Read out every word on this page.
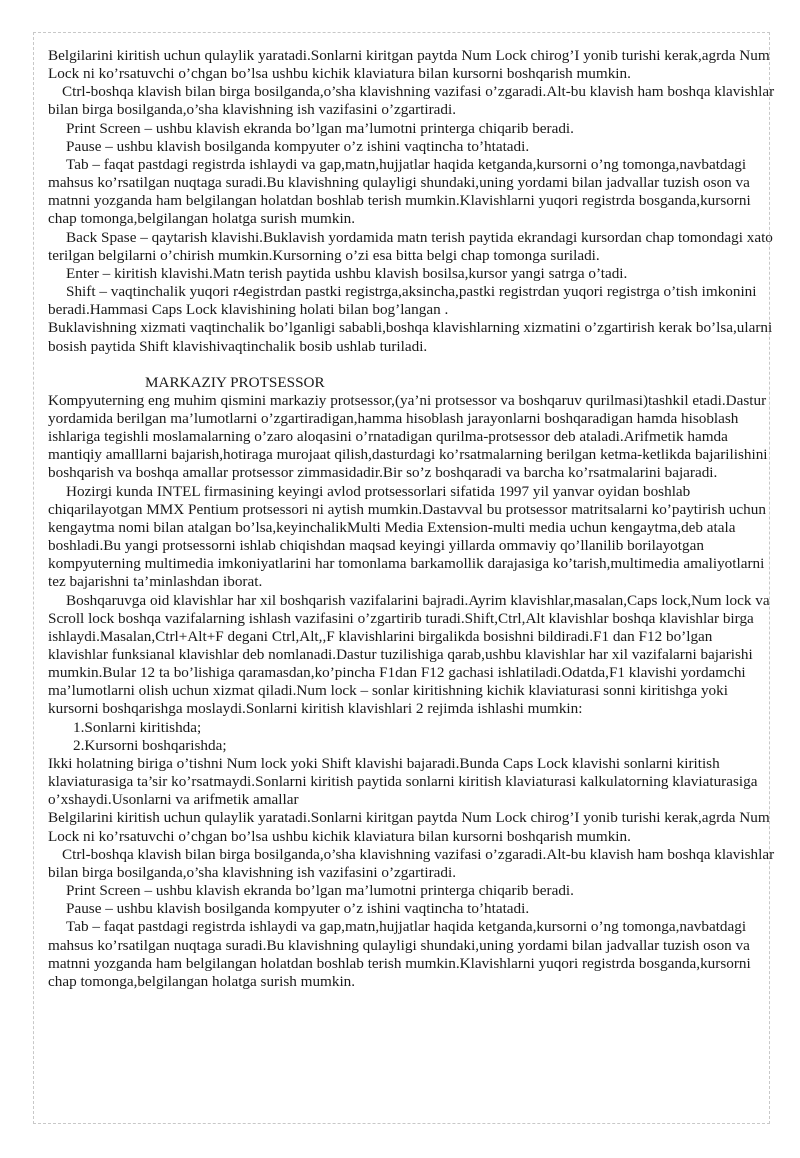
Belgilarini kiritish uchun qulaylik yaratadi.Sonlarni kiritgan paytda Num Lock chirog’I yonib turishi kerak,agrda Num Lock ni ko’rsatuvchi o’chgan bo’lsa ushbu kichik klaviatura bilan kursorni boshqarish mumkin.

Ctrl-boshqa klavish bilan birga bosilganda,o’sha klavishning vazifasi o’zgaradi.Alt-bu klavish ham boshqa klavishlar bilan birga bosilganda,o’sha klavishning ish vazifasini o’zgartiradi.

Print Screen – ushbu klavish ekranda bo’lgan ma’lumotni printerga chiqarib beradi.

Pause – ushbu klavish bosilganda kompyuter o’z ishini vaqtincha to’htatadi.

Tab – faqat pastdagi registrda ishlaydi va gap,matn,hujjatlar haqida ketganda,kursorni o’ng tomonga,navbatdagi mahsus ko’rsatilgan nuqtaga suradi.Bu klavishning qulayligi shundaki,uning yordami bilan jadvallar tuzish oson va matnni yozganda ham belgilangan holatdan boshlab terish mumkin.Klavishlarni yuqori registrda bosganda,kursorni chap tomonga,belgilangan holatga surish mumkin.

Back Spase – qaytarish klavishi.Buklavish yordamida matn terish paytida ekrandagi kursordan chap tomondagi xato terilgan belgilarni o’chirish mumkin.Kursorning o’zi esa bitta belgi chap tomonga suriladi.

Enter – kiritish klavishi.Matn terish paytida ushbu klavish bosilsa,kursor yangi satrga o’tadi.

Shift – vaqtinchalik yuqori r4egistrdan pastki registrga,aksincha,pastki registrdan yuqori registrga o’tish imkonini beradi.Hammasi Caps Lock klavishining holati bilan bog’langan .

Buklavishning xizmati vaqtinchalik bo’lganligi sababli,boshqa klavishlarning xizmatini o’zgartirish kerak bo’lsa,ularni bosish paytida Shift klavishivaqtinchalik bosib ushlab turiladi.

MARKAZIY PROTSESSOR

Kompyuterning eng muhim qismini markaziy protsessor,(ya’ni protsessor va boshqaruv qurilmasi)tashkil etadi.Dastur yordamida berilgan ma’lumotlarni o’zgartiradigan,hamma hisoblash jarayonlarni boshqaradigan hamda hisoblash ishlariga tegishli moslamalarning o’zaro aloqasini o’rnatadigan qurilma-protsessor deb ataladi.Arifmetik hamda mantiqiy amalllarni bajarish,hotiraga murojaat qilish,dasturdagi ko’rsatmalarning berilgan ketma-ketlikda bajarilishini boshqarish va boshqa amallar protsessor zimmasidadir.Bir so’z boshqaradi va barcha ko’rsatmalarini bajaradi.

Hozirgi kunda INTEL firmasining keyingi avlod protsessorlari sifatida 1997 yil yanvar oyidan boshlab chiqarilayotgan MMX Pentium protsessori ni aytish mumkin.Dastavval bu protsessor matritsalarni ko’paytirish uchun kengaytma nomi bilan atalgan bo’lsa,keyinchalikMulti Media Extension-multi media uchun kengaytma,deb atala boshladi.Bu yangi protsessorni ishlab chiqishdan maqsad keyingi yillarda ommaviy qo’llanilib borilayotgan kompyuterning multimedia imkoniyatlarini har tomonlama barkamollik darajasiga ko’tarish,multimedia amaliyotlarni tez bajarishni ta’minlashdan iborat.

Boshqaruvga oid klavishlar har xil boshqarish vazifalarini bajradi.Ayrim klavishlar,masalan,Caps lock,Num lock va Scroll lock boshqa vazifalarning ishlash vazifasini o’zgartirib turadi.Shift,Ctrl,Alt klavishlar boshqa klavishlar birga ishlaydi.Masalan,Ctrl+Alt+F degani Ctrl,Alt,,F klavishlarini birgalikda bosishni bildiradi.F1 dan F12 bo’lgan klavishlar funksianal klavishlar deb nomlanadi.Dastur tuzilishiga qarab,ushbu klavishlar har xil vazifalarni bajarishi mumkin.Bular 12 ta bo’lishiga qaramasdan,ko’pincha F1dan F12 gachasi ishlatiladi.Odatda,F1 klavishi yordamchi ma’lumotlarni olish uchun xizmat qiladi.Num lock – sonlar kiritishning kichik klaviaturasi sonni kiritishga yoki kursorni boshqarishga moslaydi.Sonlarni kiritish klavishlari 2 rejimda ishlashi mumkin:

1.Sonlarni kiritishda;

2.Kursorni boshqarishda;

Ikki holatning biriga o’tishni Num lock yoki Shift klavishi bajaradi.Bunda Caps Lock klavishi sonlarni kiritish klaviaturasiga ta’sir ko’rsatmaydi.Sonlarni kiritish paytida sonlarni kiritish klaviaturasi kalkulatorning klaviaturasiga o’xshaydi.Usonlarni va arifmetik amallar

Belgilarini kiritish uchun qulaylik yaratadi.Sonlarni kiritgan paytda Num Lock chirog’I yonib turishi kerak,agrda Num Lock ni ko’rsatuvchi o’chgan bo’lsa ushbu kichik klaviatura bilan kursorni boshqarish mumkin.

Ctrl-boshqa klavish bilan birga bosilganda,o’sha klavishning vazifasi o’zgaradi.Alt-bu klavish ham boshqa klavishlar bilan birga bosilganda,o’sha klavishning ish vazifasini o’zgartiradi.

Print Screen – ushbu klavish ekranda bo’lgan ma’lumotni printerga chiqarib beradi.

Pause – ushbu klavish bosilganda kompyuter o’z ishini vaqtincha to’htatadi.

Tab – faqat pastdagi registrda ishlaydi va gap,matn,hujjatlar haqida ketganda,kursorni o’ng tomonga,navbatdagi mahsus ko’rsatilgan nuqtaga suradi.Bu klavishning qulayligi shundaki,uning yordami bilan jadvallar tuzish oson va matnni yozganda ham belgilangan holatdan boshlab terish mumkin.Klavishlarni yuqori registrda bosganda,kursorni chap tomonga,belgilangan holatga surish mumkin.
